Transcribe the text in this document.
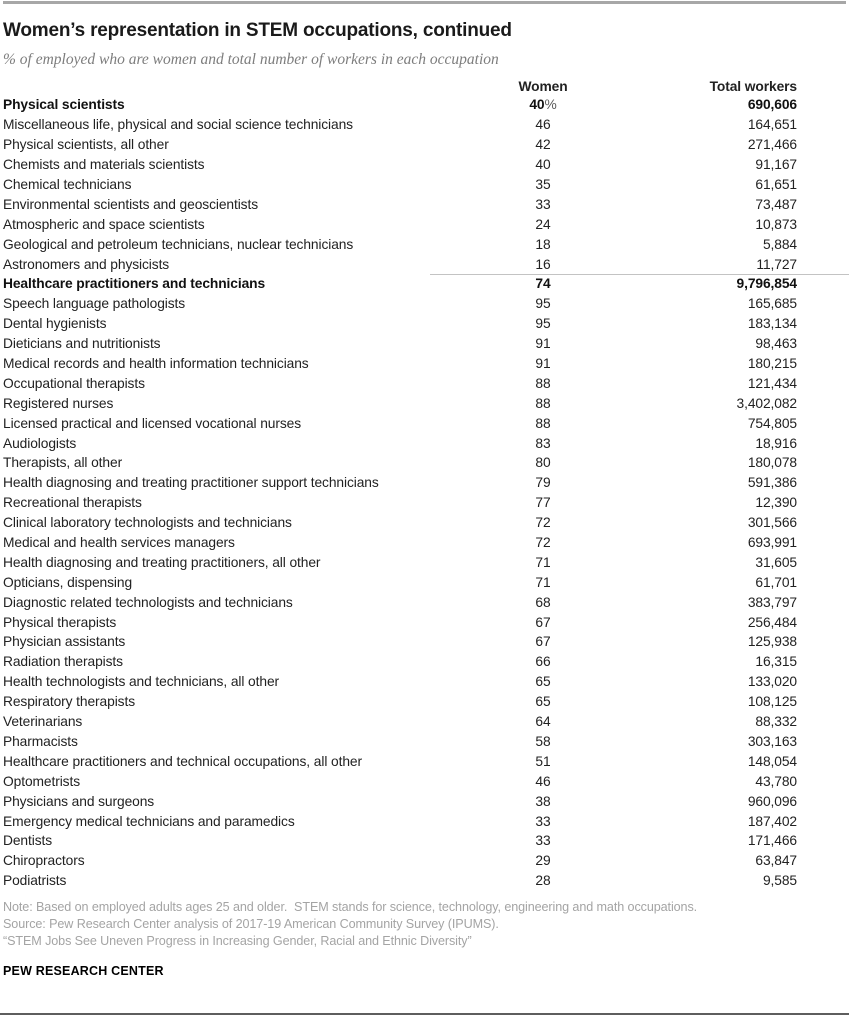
Women’s representation in STEM occupations, continued

% of employed who are women and total number of workers in each occupation

Women	Total workers
Physical scientists	40%	690,606
Miscellaneous life, physical and social science technicians	46	164,651
Physical scientists, all other	42	271,466
Chemists and materials scientists	40	91,167
Chemical technicians	35	61,651
Environmental scientists and geoscientists	33	73,487
Atmospheric and space scientists	24	10,873
Geological and petroleum technicians, nuclear technicians	18	5,884
Astronomers and physicists	16	11,727
Healthcare practitioners and technicians	74	9,796,854
Speech language pathologists	95	165,685
Dental hygienists	95	183,134
Dieticians and nutritionists	91	98,463
Medical records and health information technicians	91	180,215
Occupational therapists	88	121,434
Registered nurses	88	3,402,082
Licensed practical and licensed vocational nurses	88	754,805
Audiologists	83	18,916
Therapists, all other	80	180,078
Health diagnosing and treating practitioner support technicians	79	591,386
Recreational therapists	77	12,390
Clinical laboratory technologists and technicians	72	301,566
Medical and health services managers	72	693,991
Health diagnosing and treating practitioners, all other	71	31,605
Opticians, dispensing	71	61,701
Diagnostic related technologists and technicians	68	383,797
Physical therapists	67	256,484
Physician assistants	67	125,938
Radiation therapists	66	16,315
Health technologists and technicians, all other	65	133,020
Respiratory therapists	65	108,125
Veterinarians	64	88,332
Pharmacists	58	303,163
Healthcare practitioners and technical occupations, all other	51	148,054
Optometrists	46	43,780
Physicians and surgeons	38	960,096
Emergency medical technicians and paramedics	33	187,402
Dentists	33	171,466
Chiropractors	29	63,847
Podiatrists	28	9,585

Note: Based on employed adults ages 25 and older.  STEM stands for science, technology, engineering and math occupations.

Source: Pew Research Center analysis of 2017-19 American Community Survey (IPUMS).

“STEM Jobs See Uneven Progress in Increasing Gender, Racial and Ethnic Diversity”

PEW RESEARCH CENTER
